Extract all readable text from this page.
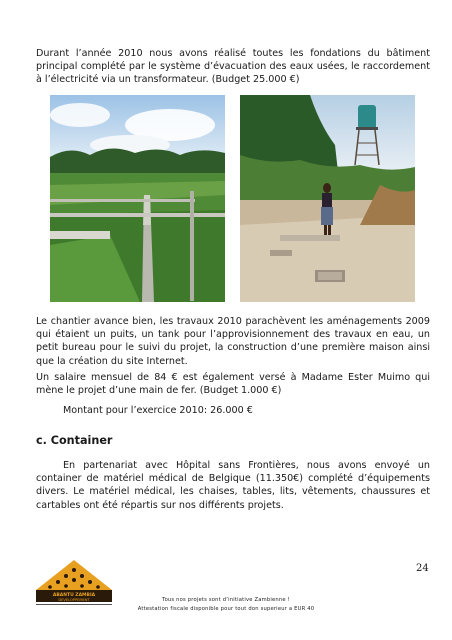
Durant l’année 2010 nous avons réalisé toutes les fondations du bâtiment principal complété par le système d’évacuation des eaux usées, le raccordement à l’électricité via un transformateur. (Budget 25.000 €)

Le chantier avance bien, les travaux 2010 parachèvent les aménagements 2009 qui étaient un puits, un tank pour l’approvisionnement des travaux en eau, un petit bureau pour le suivi du projet, la construction d’une première maison ainsi que la création du site Internet.

Un salaire mensuel de 84 € est également versé à Madame Ester Muimo qui mène le projet d’une main de fer. (Budget 1.000 €)

Montant pour l’exercice 2010: 26.000 €

c. Container

En partenariat avec Hôpital sans Frontières, nous avons envoyé un container de matériel médical de Belgique (11.350€) complété d’équipements divers. Le matériel médical, les chaises, tables, lits, vêtements, chaussures et cartables ont été répartis sur nos différents projets.

24
ABANTU ZAMBIA
DEVELOPPEMENT	Tous nos projets sont d’initiative Zambienne !
Attestation fiscale disponible pour tout don superieur a EUR 40
